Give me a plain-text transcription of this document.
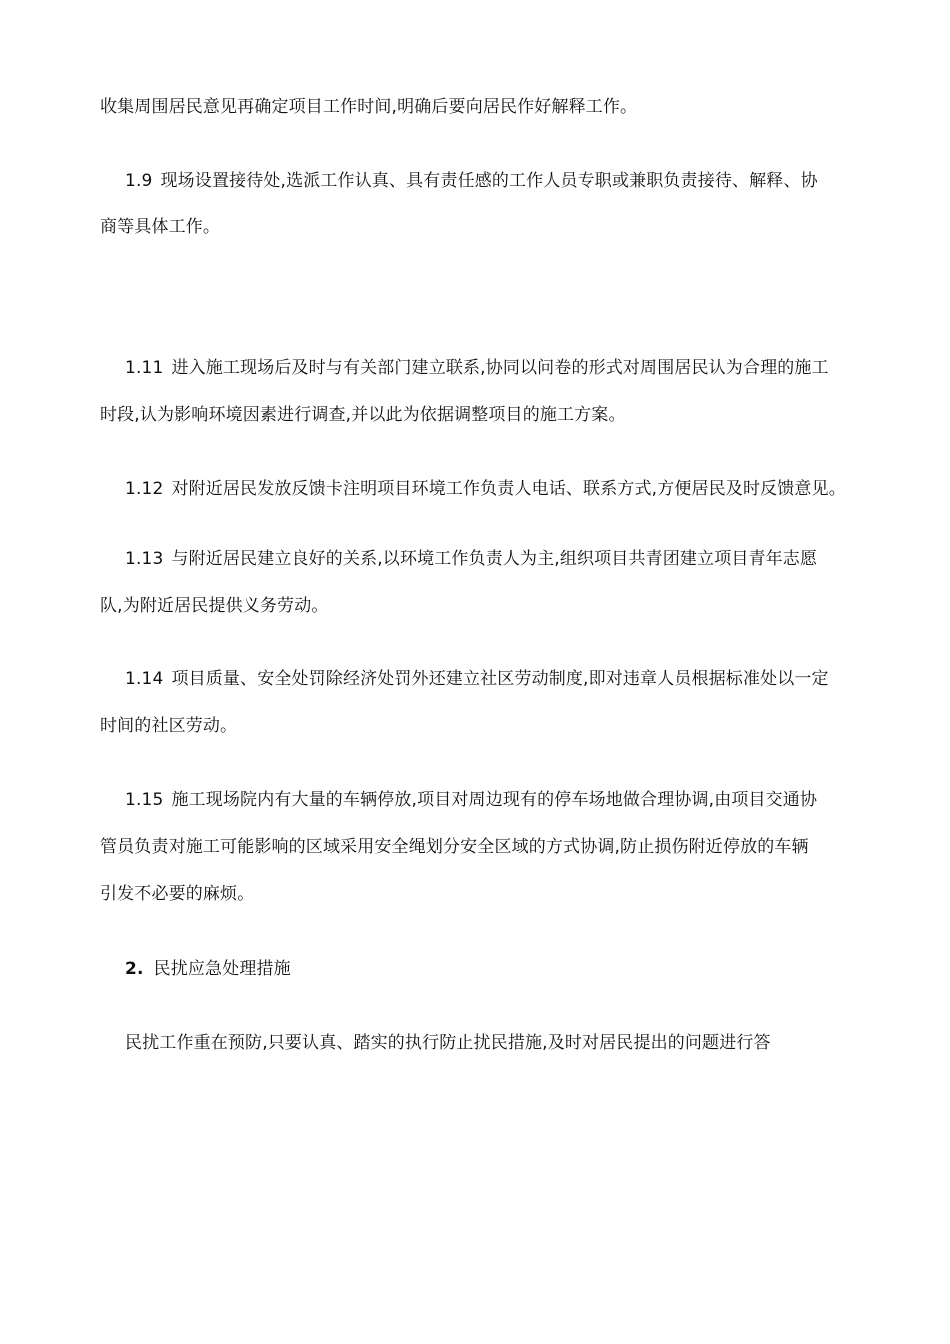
收集周围居民意见再确定项目工作时间,明确后要向居民作好解释工作。
1.9 现场设置接待处,选派工作认真、具有责任感的工作人员专职或兼职负责接待、解释、协
商等具体工作。
1.11 进入施工现场后及时与有关部门建立联系,协同以问卷的形式对周围居民认为合理的施工
时段,认为影响环境因素进行调查,并以此为依据调整项目的施工方案。
1.12 对附近居民发放反馈卡注明项目环境工作负责人电话、联系方式,方便居民及时反馈意见。
1.13 与附近居民建立良好的关系,以环境工作负责人为主,组织项目共青团建立项目青年志愿
队,为附近居民提供义务劳动。
1.14 项目质量、安全处罚除经济处罚外还建立社区劳动制度,即对违章人员根据标准处以一定
时间的社区劳动。
1.15 施工现场院内有大量的车辆停放,项目对周边现有的停车场地做合理协调,由项目交通协
管员负责对施工可能影响的区域采用安全绳划分安全区域的方式协调,防止损伤附近停放的车辆
引发不必要的麻烦。
2. 民扰应急处理措施
民扰工作重在预防,只要认真、踏实的执行防止扰民措施,及时对居民提出的问题进行答
